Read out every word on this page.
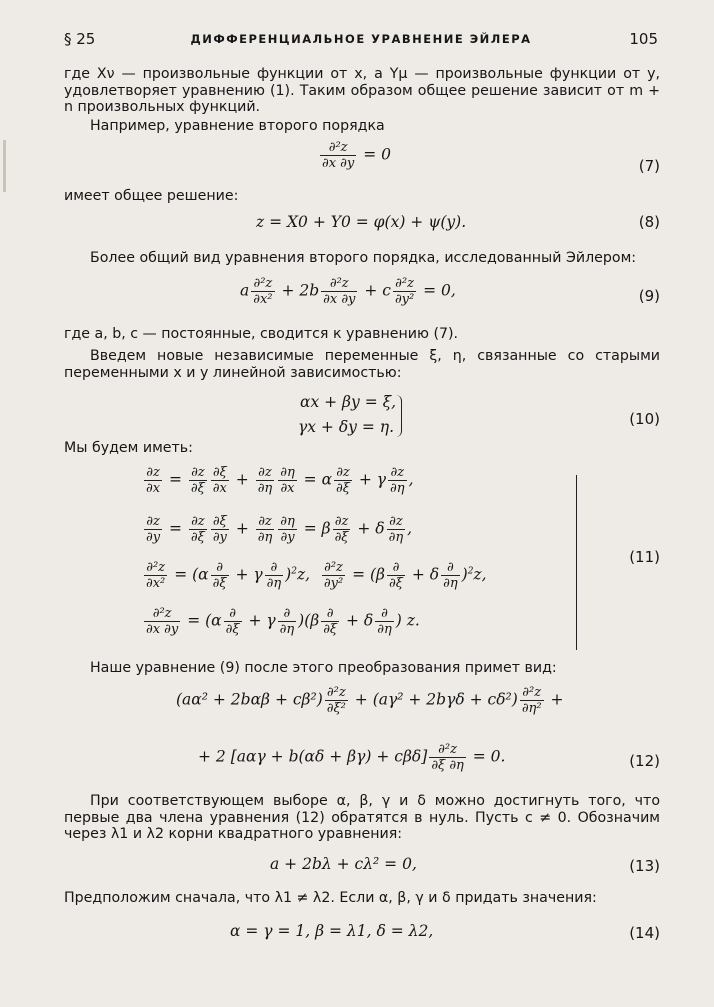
§ 25	ДИФФЕРЕНЦИАЛЬНОЕ УРАВНЕНИЕ ЭЙЛЕРА	105
где Xν — произвольные функции от x, а Yμ — произвольные функции от y, удовлетворяет уравнению (1). Таким образом общее решение зависит от m + n произвольных функций.
Например, уравнение второго порядка
$\frac{\text{∂²z}}{\partial x \partial y} = 0$
(7)
имеет общее решение:
z = X0 + Y0 = φ(x) + ψ(y).	(8)
Более общий вид уравнения второго порядка, исследованный Эйлером:
a $\frac{\text{∂²z}}{\text{∂x²}} + 2b \frac{\text{∂²z}}{\partial x \partial y} + c \frac{\text{∂²z}}{\text{∂y²}} = 0$,	(9)
где a, b, c — постоянные, сводится к уравнению (7).
Введем новые независимые переменные ξ, η, связанные со старыми переменными x и y линейной зависимостью:
αx + βy = ξ,
γx + δy = η.	(10)
Мы будем иметь:
$\frac{\partial z}{\partial x} = \frac{\partial z}{\partial\xi} \frac{\partial\xi}{\partial x} + \frac{\partial z}{\partial\eta} \frac{\partial\eta}{\partial x} = \alpha \frac{\partial z}{\partial\xi} + \gamma \frac{\partial z}{\partial\eta}$ ,
$\frac{\partial z}{\partial y} = \frac{\partial z}{\partial\xi} \frac{\partial\xi}{\partial y} + \frac{\partial z}{\partial\eta} \frac{\partial\eta}{\partial y} = \beta \frac{\partial z}{\partial\xi} + \delta \frac{\partial z}{\partial\eta}$ ,
$\frac{\text{∂²z}}{\text{∂x²}} = (\alpha \frac{\partial}{\partial\xi} + \gamma \frac{\partial}{\partial\eta} )^2z$, $\frac{\text{∂²z}}{\text{∂y²}} = (\beta \frac{\partial}{\partial\xi} + \delta \frac{\partial}{\partial\eta} )^2z$,
$\frac{\text{∂²z}}{\partial x \partial y} = (\alpha \frac{\partial}{\partial\xi} + \gamma \frac{\partial}{\partial\eta} )(\beta \frac{\partial}{\partial\xi} + \delta \frac{\partial}{\partial\eta}$ ) z.
(11)
Наше уравнение (9) после этого преобразования примет вид:
$(a\alpha^2 + 2b\alpha\beta + c\beta^2) \frac{\text{∂²z}}{\text{∂ξ²}} + (a\gamma^2 + 2b\gamma\delta + c\delta^2) \frac{\text{∂²z}}{\text{∂η²}}$ +
+ 2 $[a\alpha\gamma + b(\alpha\delta + \beta\gamma) + c\beta\delta] \frac{\text{∂²z}}{\partial\xi \partial\eta} = 0$.	(12)
При соответствующем выборе α, β, γ и δ можно достигнуть того, что первые два члена уравнения (12) обратятся в нуль. Пусть c ≠ 0. Обозначим через λ1 и λ2 корни квадратного уравнения:
a + 2bλ + cλ² = 0,	(13)
Предположим сначала, что λ1 ≠ λ2. Если α, β, γ и δ придать значения:
α = γ = 1, β = λ1, δ = λ2,	(14)
